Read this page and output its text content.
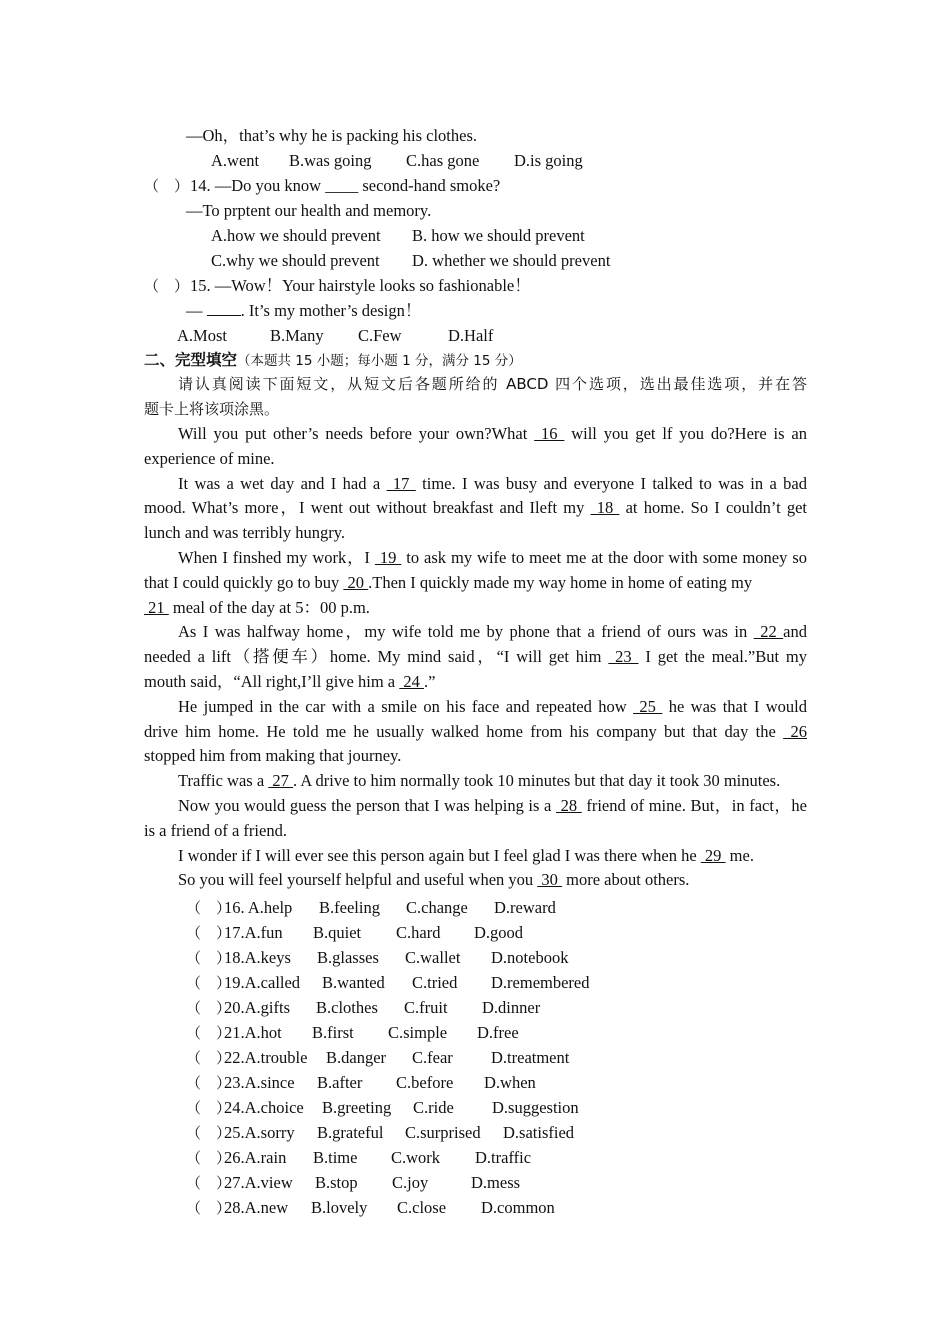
—Oh，that’s why he is packing his clothes.
A.went B.was going C.has gone D.is going
（　） 14. —Do you know ____ second-hand smoke?
—To prptent our health and memory.
A.how we should prevent B. how we should prevent
C.why we should prevent D. whether we should prevent
（　） 15. —Wow！Your hairstyle looks so fashionable！
— . It’s my mother’s design！
A.Most	B.Many C.Few	D.Half
二、完型填空（本题共 15 小题；每小题 1 分，满分 15 分）
请认真阅读下面短文，从短文后各题所给的 ABCD 四个选项，选出最佳选项，并在答
题卡上将该项涂黑。
Will you put other’s needs before your own?What  16  will you get lf you do?Here is an
experience of mine.
It was a wet day and I had a  17  time. I was busy and everyone I talked to was in a bad
mood. What’s more，I went out without breakfast and Ileft my  18  at home. So I couldn’t get
lunch and was terribly hungry.
When I finshed my work，I  19  to ask my wife to meet me at the door with some money so
that I could quickly go to buy  20 .Then I quickly made my way home in home of eating my
21  meal of the day at 5：00 p.m.
As I was halfway home，my wife told me by phone that a friend of ours was in  22 and
needed a lift（搭便车）home. My mind said，“I will get him  23  I get the meal.”But my
mouth said，“All right,I’ll give him a  24 .”
He jumped in the car with a smile on his face and repeated how  25  he was that I would
drive him home. He told me he usually walked home from his company but that day the  26
stopped him from making that journey.
Traffic was a  27 . A drive to him normally took 10 minutes but that day it took 30 minutes.
Now you would guess the person that I was helping is a  28  friend of mine. But，in fact，he
is a friend of a friend.
I wonder if I will ever see this person again but I feel glad I was there when he  29  me.
So you will feel yourself helpful and useful when you  30  more about others.
（　）
16. A.help B.feeling C.change D.reward
（　）
17.A.fun B.quiet C.hard D.good
（　）
18.A.keys B.glasses C.wallet D.notebook
（　）
19.A.called B.wanted C.tried D.remembered
（　）
20.A.gifts B.clothes C.fruit D.dinner
（　）
21.A.hot B.first C.simple D.free
（　）
22.A.trouble B.danger C.fear D.treatment
（　）
23.A.since B.after C.before D.when
（　）
24.A.choice B.greeting C.ride D.suggestion
（　）
25.A.sorry B.grateful C.surprised D.satisfied
（　）
26.A.rain B.time C.work D.traffic
（　）
27.A.view B.stop C.joy	D.mess
（　）
28.A.new B.lovely C.close D.common
